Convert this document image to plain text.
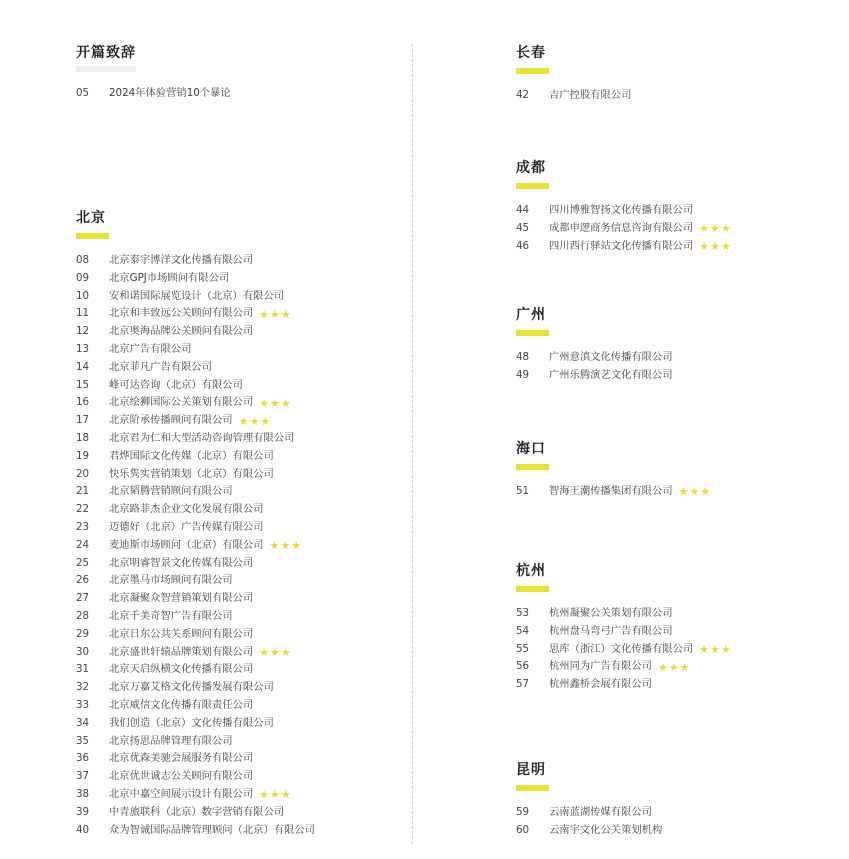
开篇致辞
05	2024年体验营销10个暴论
北京
08	北京泰宇博洋文化传播有限公司
09	北京GPJ市场顾问有限公司
10	安和诺国际展览设计（北京）有限公司
11	北京和丰致远公关顾问有限公司 ★ ★ ★
12	北京奥海品牌公关顾问有限公司
13	北京广告有限公司
14	北京菲凡广告有限公司
15	峰可达咨询（北京）有限公司
16	北京绘狮国际公关策划有限公司 ★ ★ ★
17	北京阶承传播顾问有限公司 ★ ★ ★
18	北京君为仁和大型活动咨询管理有限公司
19	君烨国际文化传媒（北京）有限公司
20	快乐隽实营销策划（北京）有限公司
21	北京韬腾营销顾问有限公司
22	北京路菲杰企业文化发展有限公司
23	迈德好（北京）广告传媒有限公司
24	麦迪斯市场顾问（北京）有限公司 ★ ★ ★
25	北京明睿智景文化传媒有限公司
26	北京墨马市场顾问有限公司
27	北京凝聚众智营销策划有限公司
28	北京千美奇智广告有限公司
29	北京日东公共关系顾问有限公司
30	北京盛世轩辕品牌策划有限公司 ★ ★ ★
31	北京天启纵横文化传播有限公司
32	北京万嘉艾格文化传播发展有限公司
33	北京威信文化传播有限责任公司
34	我们创造（北京）文化传播有限公司
35	北京扬思品牌管理有限公司
36	北京优森美驰会展服务有限公司
37	北京优世诚志公关顾问有限公司
38	北京中嘉空间展示设计有限公司 ★ ★ ★
39	中青旅联科（北京）数字营销有限公司
40	众为智诚国际品牌管理顾问（北京）有限公司
长春
42	吉广控股有限公司
成都
44	四川博雅智扬文化传播有限公司
45	成都申逻商务信息咨询有限公司 ★ ★ ★
46	四川西行驿站文化传播有限公司 ★ ★ ★
广州
48	广州意滇文化传播有限公司
49	广州乐腾演艺文化有限公司
海口
51	智海王潮传播集团有限公司 ★ ★ ★
杭州
53	杭州凝聚公关策划有限公司
54	杭州盘马弯弓广告有限公司
55	思库（浙江）文化传播有限公司 ★ ★ ★
56	杭州同为广告有限公司 ★ ★ ★
57	杭州鑫桥会展有限公司
昆明
59	云南蓝湖传媒有限公司
60	云南宇文化公关策划机构
